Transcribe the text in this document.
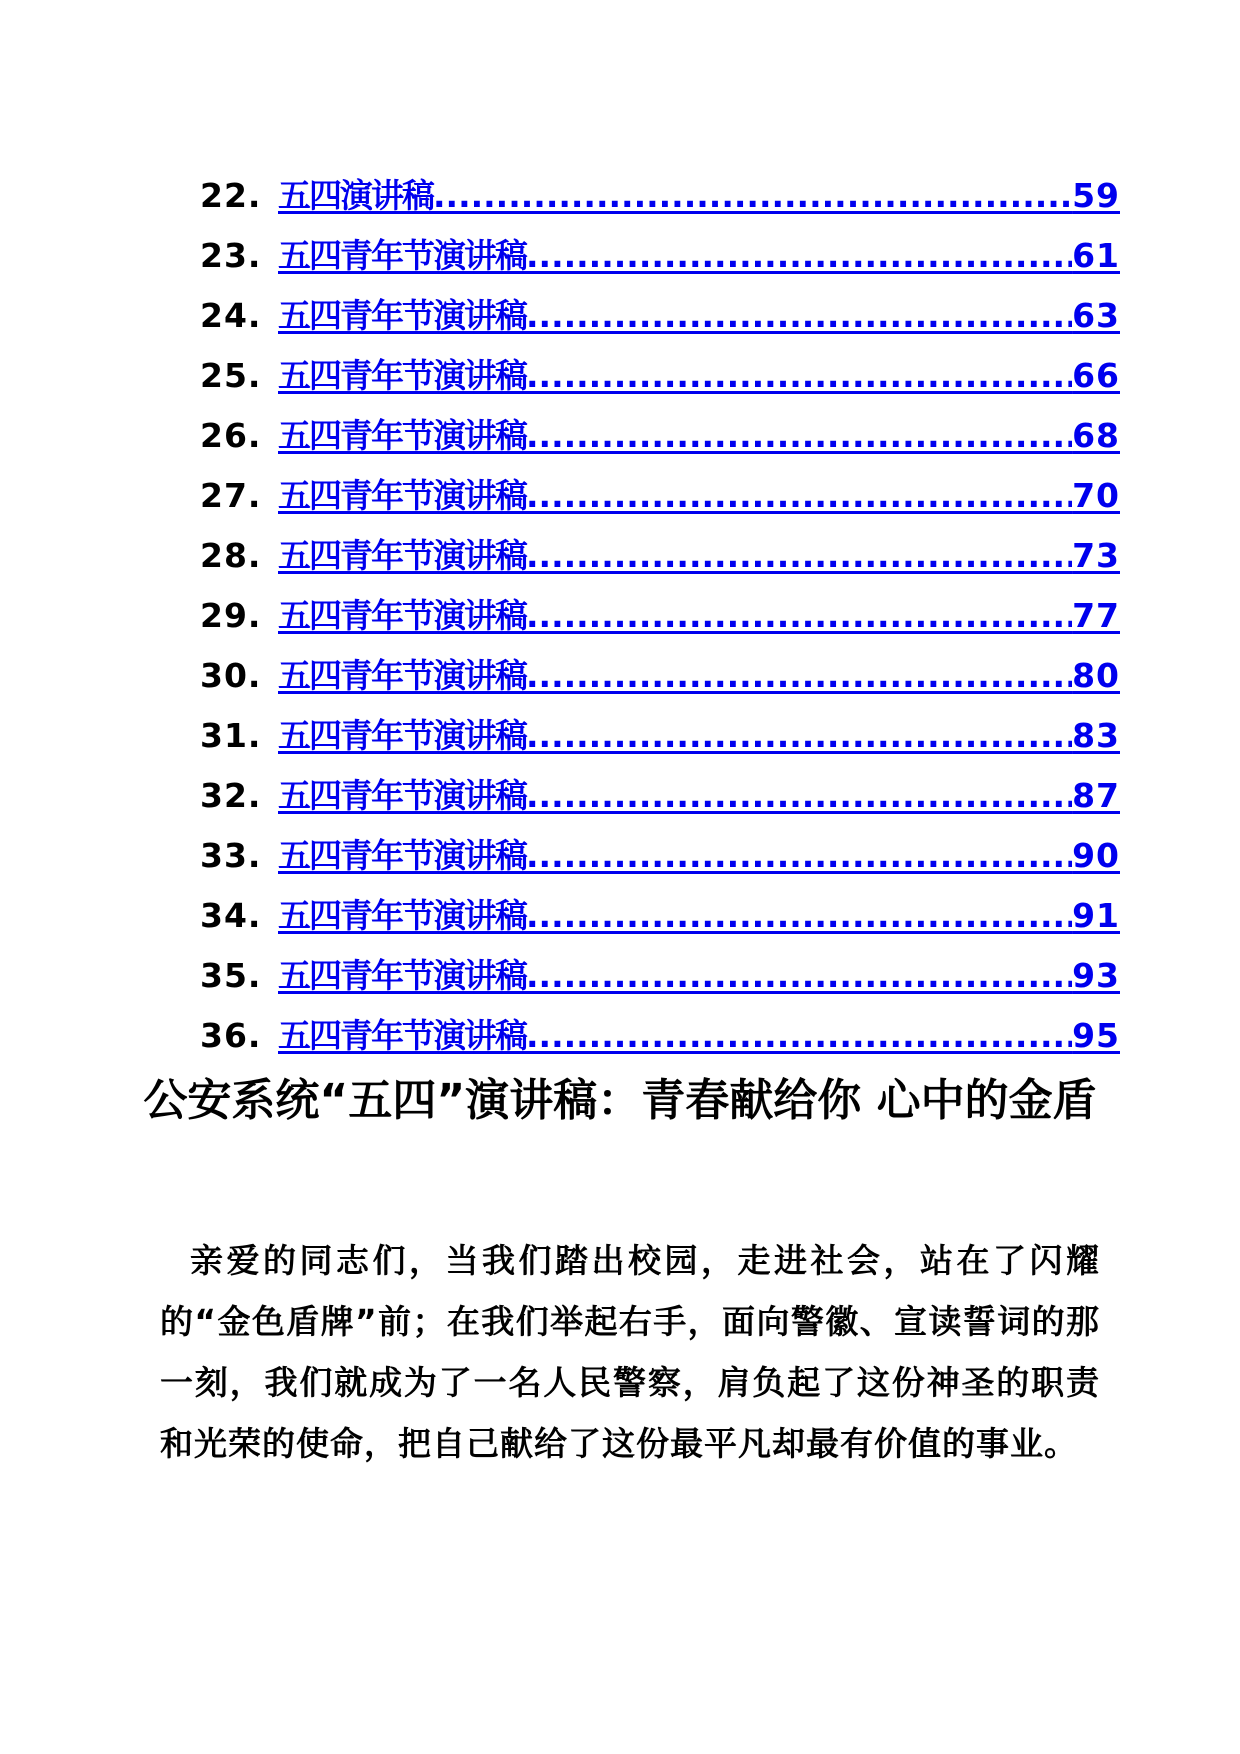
22. 五四演讲稿 .....	59
23. 五四青年节演讲稿 .....	61
24. 五四青年节演讲稿 .....	63
25. 五四青年节演讲稿 .....	66
26. 五四青年节演讲稿 .....	68
27. 五四青年节演讲稿 .....	70
28. 五四青年节演讲稿 .....	73
29. 五四青年节演讲稿 .....	77
30. 五四青年节演讲稿 .....	80
31. 五四青年节演讲稿 .....	83
32. 五四青年节演讲稿 .....	87
33. 五四青年节演讲稿 .....	90
34. 五四青年节演讲稿 .....	91
35. 五四青年节演讲稿 .....	93
36. 五四青年节演讲稿 .....	95
公安系统“五四”演讲稿：青春献给你 心中的金盾

亲爱的同志们，当我们踏出校园，走进社会，站在了闪耀的“金色盾牌”前；在我们举起右手，面向警徽、宣读誓词的那一刻，我们就成为了一名人民警察，肩负起了这份神圣的职责和光荣的使命，把自己献给了这份最平凡却最有价值的事业。
